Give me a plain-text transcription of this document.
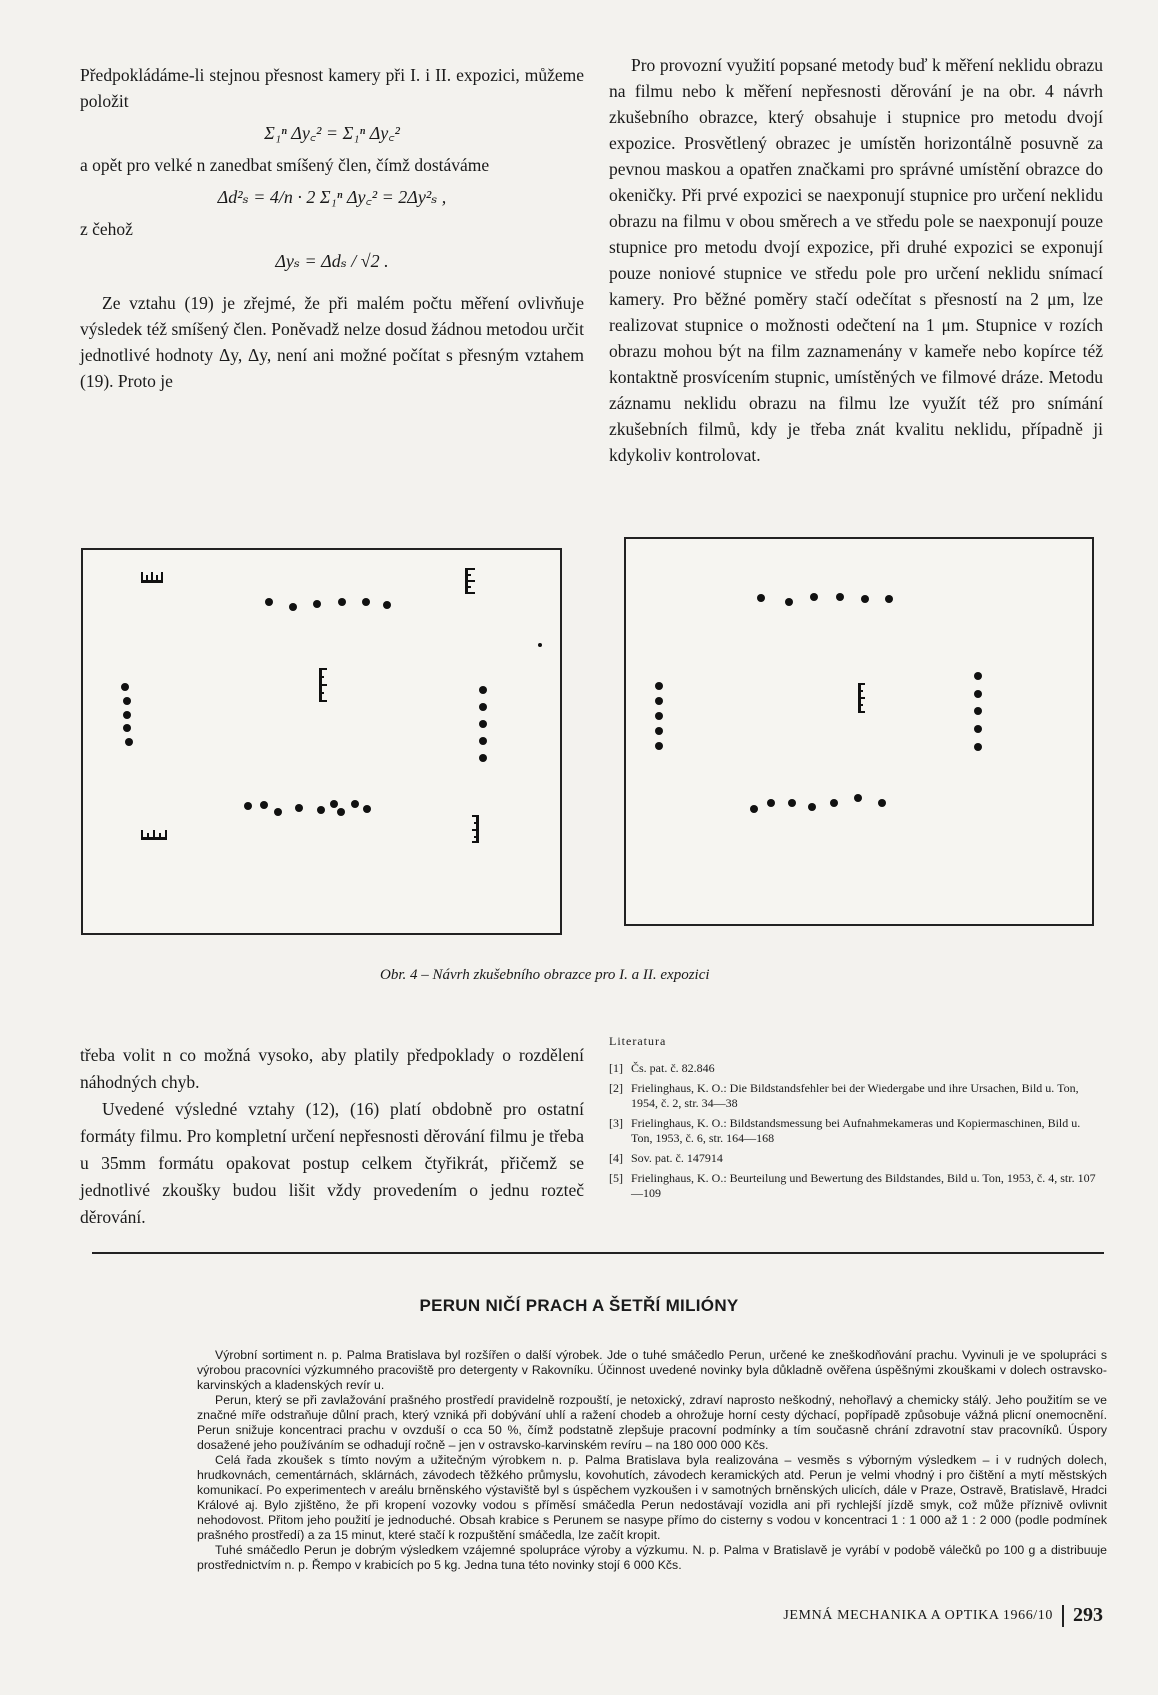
Předpokládáme-li stejnou přesnost kamery při I. i II. expozici, můžeme položit

Σ₁ⁿ Δy꜀² = Σ₁ⁿ Δy꜀²

a opět pro velké n zanedbat smíšený člen, čímž dostáváme

Δd²ₛ = 4/n · 2 Σ₁ⁿ Δy꜀² = 2Δy²ₛ ,

z čehož

Δyₛ = Δdₛ / √2 .

Ze vztahu (19) je zřejmé, že při malém počtu měření ovlivňuje výsledek též smíšený člen. Poněvadž nelze dosud žádnou metodou určit jednotlivé hodnoty Δy, Δy, není ani možné počítat s přesným vztahem (19). Proto je

Pro provozní využití popsané metody buď k měření neklidu obrazu na filmu nebo k měření nepřesnosti děrování je na obr. 4 návrh zkušebního obrazce, který obsahuje i stupnice pro metodu dvojí expozice. Prosvětlený obrazec je umístěn horizontálně posuvně za pevnou maskou a opatřen značkami pro správné umístění obrazce do okeničky. Při prvé expozici se naexponují stupnice pro určení neklidu obrazu na filmu v obou směrech a ve středu pole se naexponují pouze stupnice pro metodu dvojí expozice, při druhé expozici se exponují pouze noniové stupnice ve středu pole pro určení neklidu snímací kamery. Pro běžné poměry stačí odečítat s přesností na 2 μm, lze realizovat stupnice o možnosti odečtení na 1 μm. Stupnice v rozích obrazu mohou být na film zaznamenány v kameře nebo kopírce též kontaktně prosvícením stupnic, umístěných ve filmové dráze. Metodu záznamu neklidu obrazu na filmu lze využít též pro snímání zkušebních filmů, kdy je třeba znát kvalitu neklidu, případně ji kdykoliv kontrolovat.

Obr. 4 – Návrh zkušebního obrazce pro I. a II. expozici

třeba volit n co možná vysoko, aby platily předpoklady o rozdělení náhodných chyb.

Uvedené výsledné vztahy (12), (16) platí obdobně pro ostatní formáty filmu. Pro kompletní určení nepřesnosti děrování filmu je třeba u 35mm formátu opakovat postup celkem čtyřikrát, přičemž se jednotlivé zkoušky budou lišit vždy provedením o jednu rozteč děrování.

Literatura
[1] Čs. pat. č. 82.846
[2] Frielinghaus, K. O.: Die Bildstandsfehler bei der Wiedergabe und ihre Ursachen, Bild u. Ton, 1954, č. 2, str. 34—38
[3] Frielinghaus, K. O.: Bildstandsmessung bei Aufnahmekameras und Kopiermaschinen, Bild u. Ton, 1953, č. 6, str. 164—168
[4] Sov. pat. č. 147914
[5] Frielinghaus, K. O.: Beurteilung und Bewertung des Bildstandes, Bild u. Ton, 1953, č. 4, str. 107—109
PERUN NIČÍ PRACH A ŠETŘÍ MILIÓNY

Výrobní sortiment n. p. Palma Bratislava byl rozšířen o další výrobek. Jde o tuhé smáčedlo Perun, určené ke zneškodňování prachu. Vyvinuli je ve spolupráci s výrobou pracovníci výzkumného pracoviště pro detergenty v Rakovníku. Účinnost uvedené novinky byla důkladně ověřena úspěšnými zkouškami v dolech ostravsko-karvinských a kladenských revír u.

Perun, který se při zavlažování prašného prostředí pravidelně rozpouští, je netoxický, zdraví naprosto neškodný, nehořlavý a chemicky stálý. Jeho použitím se ve značné míře odstraňuje důlní prach, který vzniká při dobývání uhlí a ražení chodeb a ohrožuje horní cesty dýchací, popřípadě způsobuje vážná plicní onemocnění. Perun snižuje koncentraci prachu v ovzduší o cca 50 %, čímž podstatně zlepšuje pracovní podmínky a tím současně chrání zdravotní stav pracovníků. Úspory dosažené jeho používáním se odhadují ročně – jen v ostravsko-karvinském revíru – na 180 000 000 Kčs.

Celá řada zkoušek s tímto novým a užitečným výrobkem n. p. Palma Bratislava byla realizována – vesměs s výborným výsledkem – i v rudných dolech, hrudkovnách, cementárnách, sklárnách, závodech těžkého průmyslu, kovohutích, závodech keramických atd. Perun je velmi vhodný i pro čištění a mytí městských komunikací. Po experimentech v areálu brněnského výstaviště byl s úspěchem vyzkoušen i v samotných brněnských ulicích, dále v Praze, Ostravě, Bratislavě, Hradci Králové aj. Bylo zjištěno, že při kropení vozovky vodou s příměsí smáčedla Perun nedostávají vozidla ani při rychlejší jízdě smyk, což může příznivě ovlivnit nehodovost. Přitom jeho použití je jednoduché. Obsah krabice s Perunem se nasype přímo do cisterny s vodou v koncentraci 1 : 1 000 až 1 : 2 000 (podle podmínek prašného prostředí) a za 15 minut, které stačí k rozpuštění smáčedla, lze začít kropit.

Tuhé smáčedlo Perun je dobrým výsledkem vzájemné spolupráce výroby a výzkumu. N. p. Palma v Bratislavě je vyrábí v podobě válečků po 100 g a distribuuje prostřednictvím n. p. Řempo v krabicích po 5 kg. Jedna tuna této novinky stojí 6 000 Kčs.

JEMNÁ MECHANIKA A OPTIKA 1966/10 293
